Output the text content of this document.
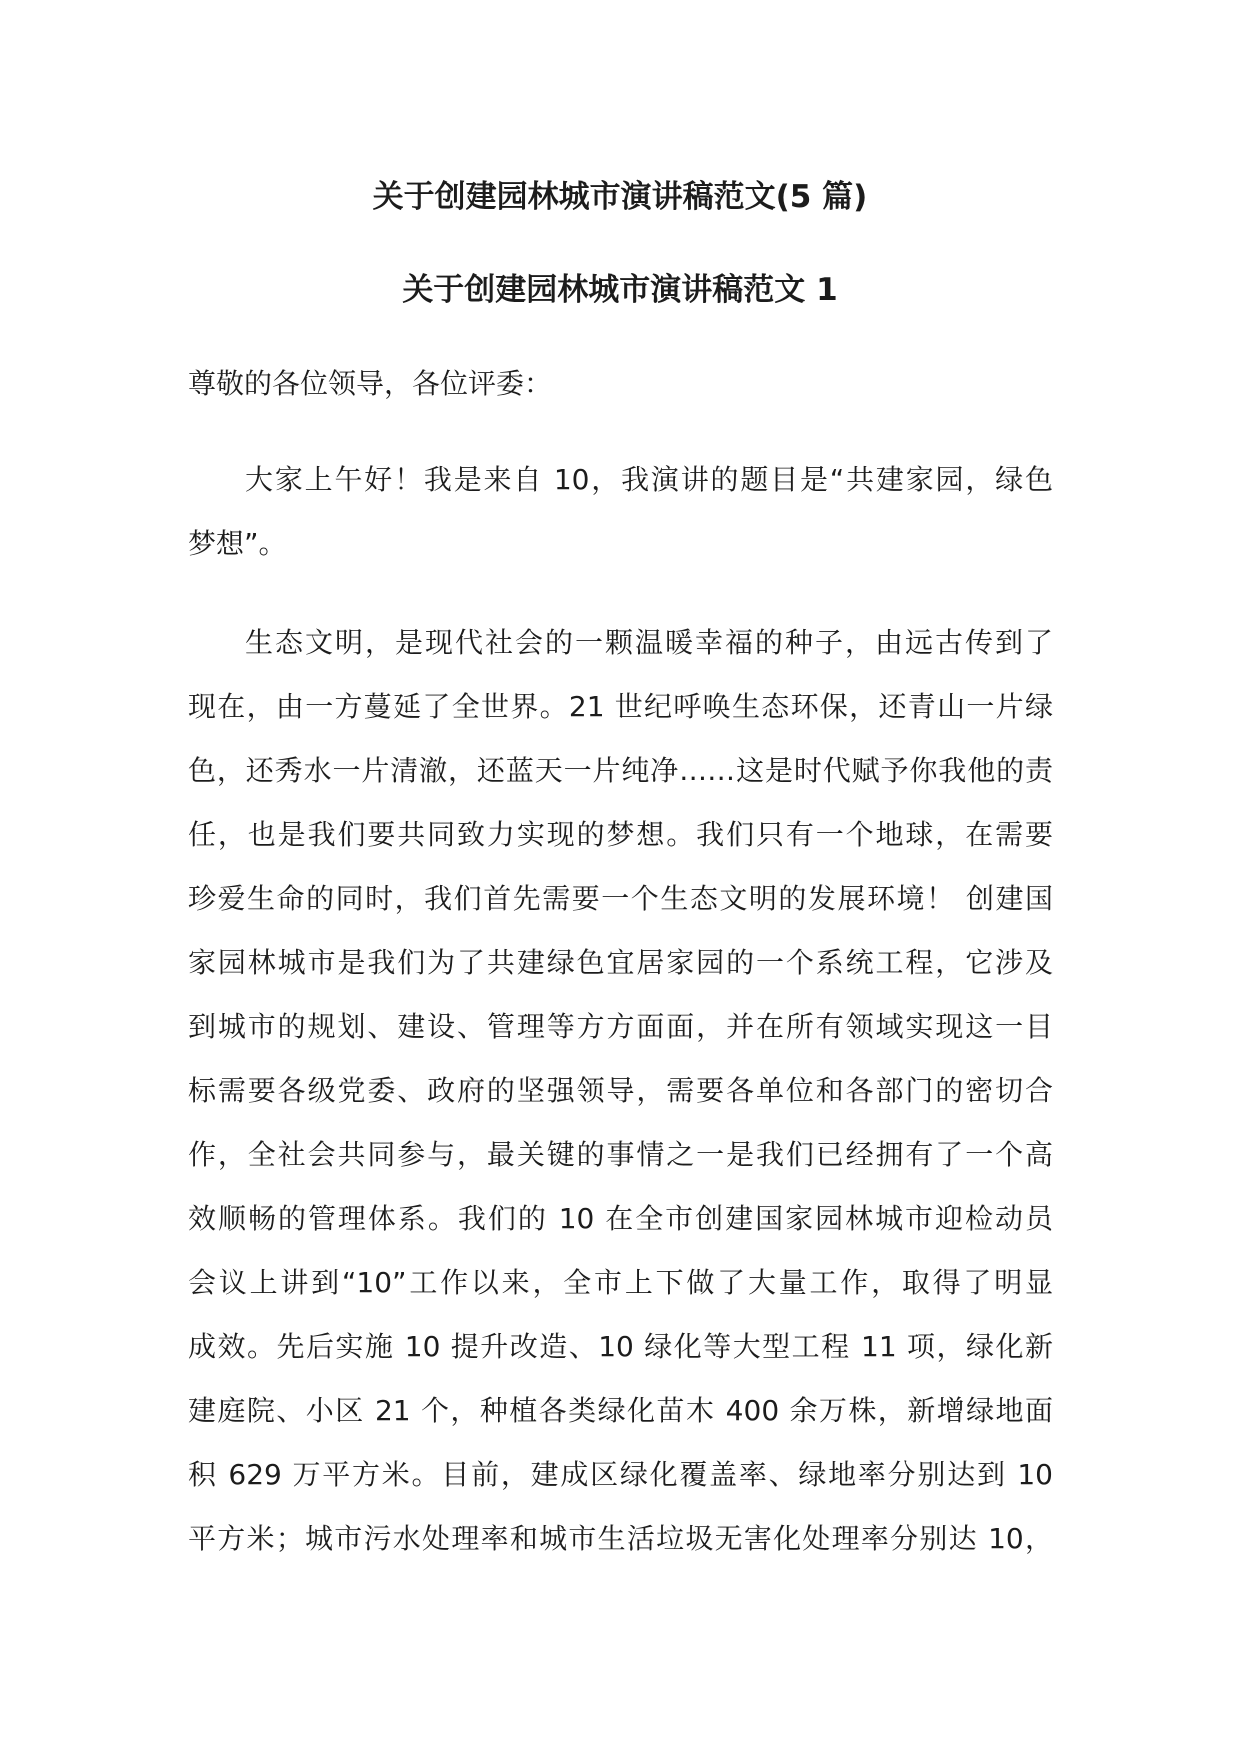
关于创建园林城市演讲稿范文(5 篇)
关于创建园林城市演讲稿范文 1
尊敬的各位领导，各位评委：
大家上午好！我是来自 10，我演讲的题目是“共建家园，绿色
梦想”。
生态文明，是现代社会的一颗温暖幸福的种子，由远古传到了
现在，由一方蔓延了全世界。21 世纪呼唤生态环保，还青山一片绿
色，还秀水一片清澈，还蓝天一片纯净……这是时代赋予你我他的责
任，也是我们要共同致力实现的梦想。我们只有一个地球，在需要
珍爱生命的同时，我们首先需要一个生态文明的发展环境！ 创建国
家园林城市是我们为了共建绿色宜居家园的一个系统工程，它涉及
到城市的规划、建设、管理等方方面面，并在所有领域实现这一目
标需要各级党委、政府的坚强领导，需要各单位和各部门的密切合
作，全社会共同参与，最关键的事情之一是我们已经拥有了一个高
效顺畅的管理体系。我们的 10 在全市创建国家园林城市迎检动员
会议上讲到“10”工作以来，全市上下做了大量工作，取得了明显
成效。先后实施 10 提升改造、10 绿化等大型工程 11 项，绿化新
建庭院、小区 21 个，种植各类绿化苗木 400 余万株，新增绿地面
积 629 万平方米。目前，建成区绿化覆盖率、绿地率分别达到 10
平方米；城市污水处理率和城市生活垃圾无害化处理率分别达 10，
